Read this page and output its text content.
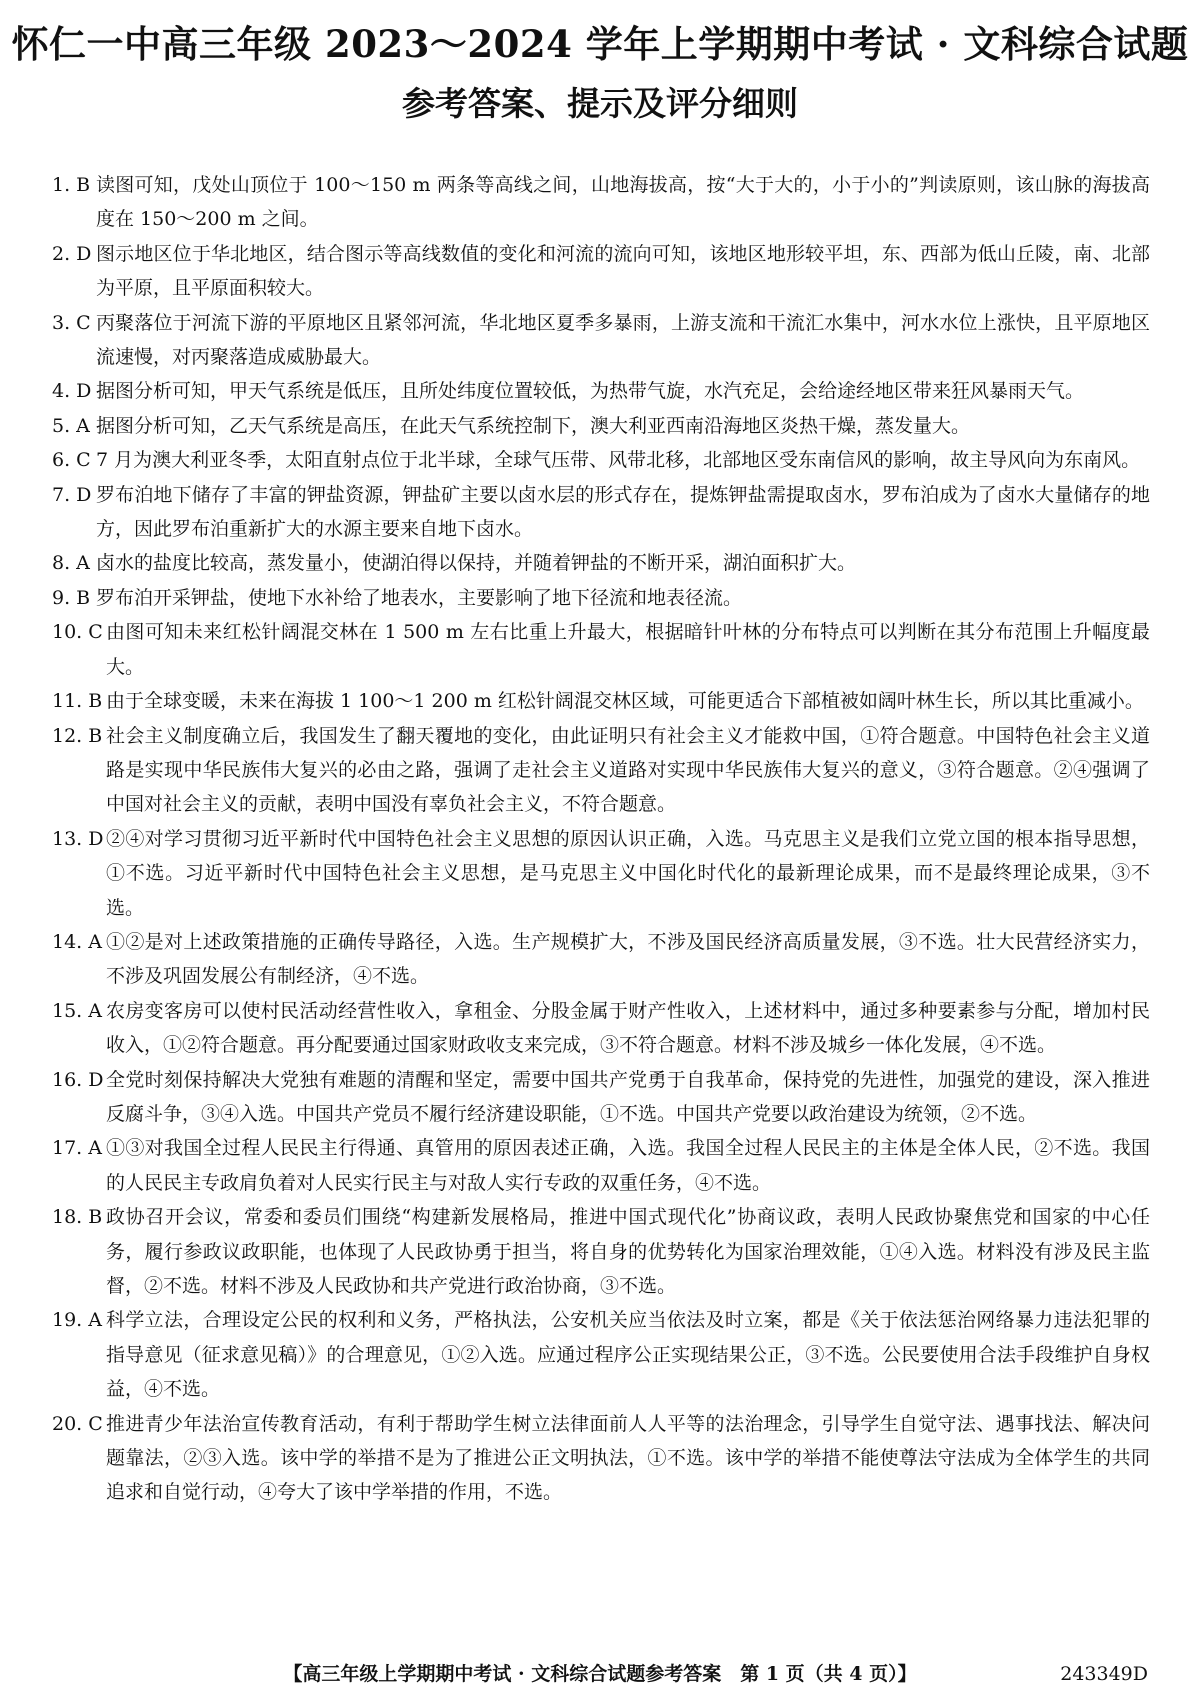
怀仁一中高三年级 2023～2024 学年上学期期中考试 · 文科综合试题
参考答案、提示及评分细则
1. B 读图可知，戊处山顶位于 100～150 m 两条等高线之间，山地海拔高，按“大于大的，小于小的”判读原则，该山脉的海拔高度在 150～200 m 之间。
2. D 图示地区位于华北地区，结合图示等高线数值的变化和河流的流向可知，该地区地形较平坦，东、西部为低山丘陵，南、北部为平原，且平原面积较大。
3. C 丙聚落位于河流下游的平原地区且紧邻河流，华北地区夏季多暴雨，上游支流和干流汇水集中，河水水位上涨快，且平原地区流速慢，对丙聚落造成威胁最大。
4. D 据图分析可知，甲天气系统是低压，且所处纬度位置较低，为热带气旋，水汽充足，会给途经地区带来狂风暴雨天气。
5. A 据图分析可知，乙天气系统是高压，在此天气系统控制下，澳大利亚西南沿海地区炎热干燥，蒸发量大。
6. C 7 月为澳大利亚冬季，太阳直射点位于北半球，全球气压带、风带北移，北部地区受东南信风的影响，故主导风向为东南风。
7. D 罗布泊地下储存了丰富的钾盐资源，钾盐矿主要以卤水层的形式存在，提炼钾盐需提取卤水，罗布泊成为了卤水大量储存的地方，因此罗布泊重新扩大的水源主要来自地下卤水。
8. A 卤水的盐度比较高，蒸发量小，使湖泊得以保持，并随着钾盐的不断开采，湖泊面积扩大。
9. B 罗布泊开采钾盐，使地下水补给了地表水，主要影响了地下径流和地表径流。
10. C 由图可知未来红松针阔混交林在 1 500 m 左右比重上升最大，根据暗针叶林的分布特点可以判断在其分布范围上升幅度最大。
11. B 由于全球变暖，未来在海拔 1 100～1 200 m 红松针阔混交林区域，可能更适合下部植被如阔叶林生长，所以其比重减小。
12. B 社会主义制度确立后，我国发生了翻天覆地的变化，由此证明只有社会主义才能救中国，①符合题意。中国特色社会主义道路是实现中华民族伟大复兴的必由之路，强调了走社会主义道路对实现中华民族伟大复兴的意义，③符合题意。②④强调了中国对社会主义的贡献，表明中国没有辜负社会主义，不符合题意。
13. D ②④对学习贯彻习近平新时代中国特色社会主义思想的原因认识正确，入选。马克思主义是我们立党立国的根本指导思想，①不选。习近平新时代中国特色社会主义思想，是马克思主义中国化时代化的最新理论成果，而不是最终理论成果，③不选。
14. A ①②是对上述政策措施的正确传导路径，入选。生产规模扩大，不涉及国民经济高质量发展，③不选。壮大民营经济实力，不涉及巩固发展公有制经济，④不选。
15. A 农房变客房可以使村民活动经营性收入，拿租金、分股金属于财产性收入，上述材料中，通过多种要素参与分配，增加村民收入，①②符合题意。再分配要通过国家财政收支来完成，③不符合题意。材料不涉及城乡一体化发展，④不选。
16. D 全党时刻保持解决大党独有难题的清醒和坚定，需要中国共产党勇于自我革命，保持党的先进性，加强党的建设，深入推进反腐斗争，③④入选。中国共产党员不履行经济建设职能，①不选。中国共产党要以政治建设为统领，②不选。
17. A ①③对我国全过程人民民主行得通、真管用的原因表述正确，入选。我国全过程人民民主的主体是全体人民，②不选。我国的人民民主专政肩负着对人民实行民主与对敌人实行专政的双重任务，④不选。
18. B 政协召开会议，常委和委员们围绕“构建新发展格局，推进中国式现代化”协商议政，表明人民政协聚焦党和国家的中心任务，履行参政议政职能，也体现了人民政协勇于担当，将自身的优势转化为国家治理效能，①④入选。材料没有涉及民主监督，②不选。材料不涉及人民政协和共产党进行政治协商，③不选。
19. A 科学立法，合理设定公民的权利和义务，严格执法，公安机关应当依法及时立案，都是《关于依法惩治网络暴力违法犯罪的指导意见（征求意见稿）》的合理意见，①②入选。应通过程序公正实现结果公正，③不选。公民要使用合法手段维护自身权益，④不选。
20. C 推进青少年法治宣传教育活动，有利于帮助学生树立法律面前人人平等的法治理念，引导学生自觉守法、遇事找法、解决问题靠法，②③入选。该中学的举措不是为了推进公正文明执法，①不选。该中学的举措不能使尊法守法成为全体学生的共同追求和自觉行动，④夸大了该中学举措的作用，不选。
【高三年级上学期期中考试 · 文科综合试题参考答案　第 1 页（共 4 页）】	243349D
